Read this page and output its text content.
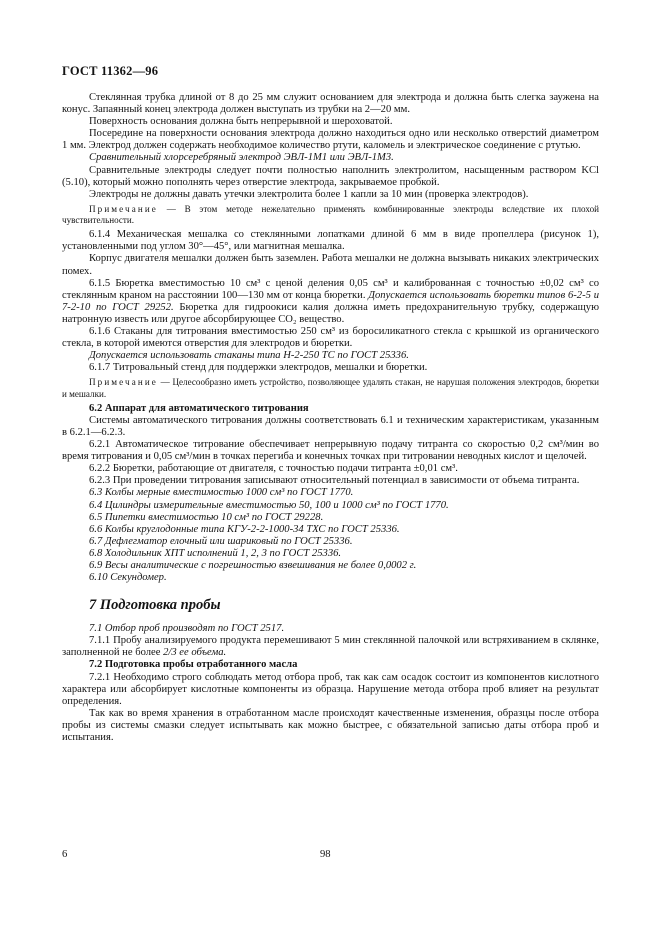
ГОСТ 11362—96

Стеклянная трубка длиной от 8 до 25 мм служит основанием для электрода и должна быть слегка зауженa на конус. Запаянный конец электрода должен выступать из трубки на 2—20 мм.

Поверхность основания должна быть непрерывной и шероховатой.

Посередине на поверхности основания электрода должно находиться одно или несколько отверстий диаметром 1 мм. Электрод должен содержать необходимое количество ртути, каломель и электрическое соединение с ртутью.

Сравнительный хлорсеребряный электрод ЭВЛ-1М1 или ЭВЛ-1М3.

Сравнительные электроды следует почти полностью наполнить электролитом, насыщенным раствором KCl (5.10), который можно пополнять через отверстие электрода, закрываемое пробкой.

Электроды не должны давать утечки электролита более 1 капли за 10 мин (проверка электродов).

Примечание — В этом методе нежелательно применять комбинированные электроды вследствие их плохой чувствительности.

6.1.4 Механическая мешалка со стеклянными лопатками длиной 6 мм в виде пропеллера (рисунок 1), установленными под углом 30°—45°, или магнитная мешалка.

Корпус двигателя мешалки должен быть заземлен. Работа мешалки не должна вызывать никаких электрических помех.

6.1.5 Бюретка вместимостью 10 см³ с ценой деления 0,05 см³ и калиброванная с точностью ±0,02 см³ со стеклянным краном на расстоянии 100—130 мм от конца бюретки. Допускается использовать бюретки типов 6-2-5 и 7-2-10 по ГОСТ 29252. Бюретка для гидроокиси калия должна иметь предохранительную трубку, содержащую натронную известь или другое абсорбирующее CO₂ вещество.

6.1.6 Стаканы для титрования вместимостью 250 см³ из боросиликатного стекла с крышкой из органического стекла, в которой имеются отверстия для электродов и бюретки.

Допускается использовать стаканы типа Н-2-250 ТС по ГОСТ 25336.

6.1.7 Титровальный стенд для поддержки электродов, мешалки и бюретки.

Примечание — Целесообразно иметь устройство, позволяющее удалять стакан, не нарушая положения электродов, бюретки и мешалки.

6.2 Аппарат для автоматического титрования

Системы автоматического титрования должны соответствовать 6.1 и техническим характеристикам, указанным в 6.2.1—6.2.3.

6.2.1 Автоматическое титрование обеспечивает непрерывную подачу титранта со скоростью 0,2 см³/мин во время титрования и 0,05 см³/мин в точках перегиба и конечных точках при титровании неводных кислот и щелочей.

6.2.2 Бюретки, работающие от двигателя, с точностью подачи титранта ±0,01 см³.

6.2.3 При проведении титрования записывают относительный потенциал в зависимости от объема титранта.

6.3 Колбы мерные вместимостью 1000 см³ по ГОСТ 1770.

6.4 Цилиндры измерительные вместимостью 50, 100 и 1000 см³ по ГОСТ 1770.

6.5 Пипетки вместимостью 10 см³ по ГОСТ 29228.

6.6 Колбы круглодонные типа КГУ-2-2-1000-34 ТХС по ГОСТ 25336.

6.7 Дефлегматор елочный или шариковый по ГОСТ 25336.

6.8 Холодильник ХПТ исполнений 1, 2, 3 по ГОСТ 25336.

6.9 Весы аналитические с погрешностью взвешивания не более 0,0002 г.

6.10 Секундомер.

7 Подготовка пробы

7.1 Отбор проб производят по ГОСТ 2517.

7.1.1 Пробу анализируемого продукта перемешивают 5 мин стеклянной палочкой или встряхиванием в склянке, заполненной не более 2/3 ее объема.

7.2 Подготовка пробы отработанного масла

7.2.1 Необходимо строго соблюдать метод отбора проб, так как сам осадок состоит из компонентов кислотного характера или абсорбирует кислотные компоненты из образца. Нарушение метода отбора проб влияет на результат определения.

Так как во время хранения в отработанном масле происходят качественные изменения, образцы после отбора пробы из системы смазки следует испытывать как можно быстрее, с обязательной записью даты отбора проб и испытания.

6	98
